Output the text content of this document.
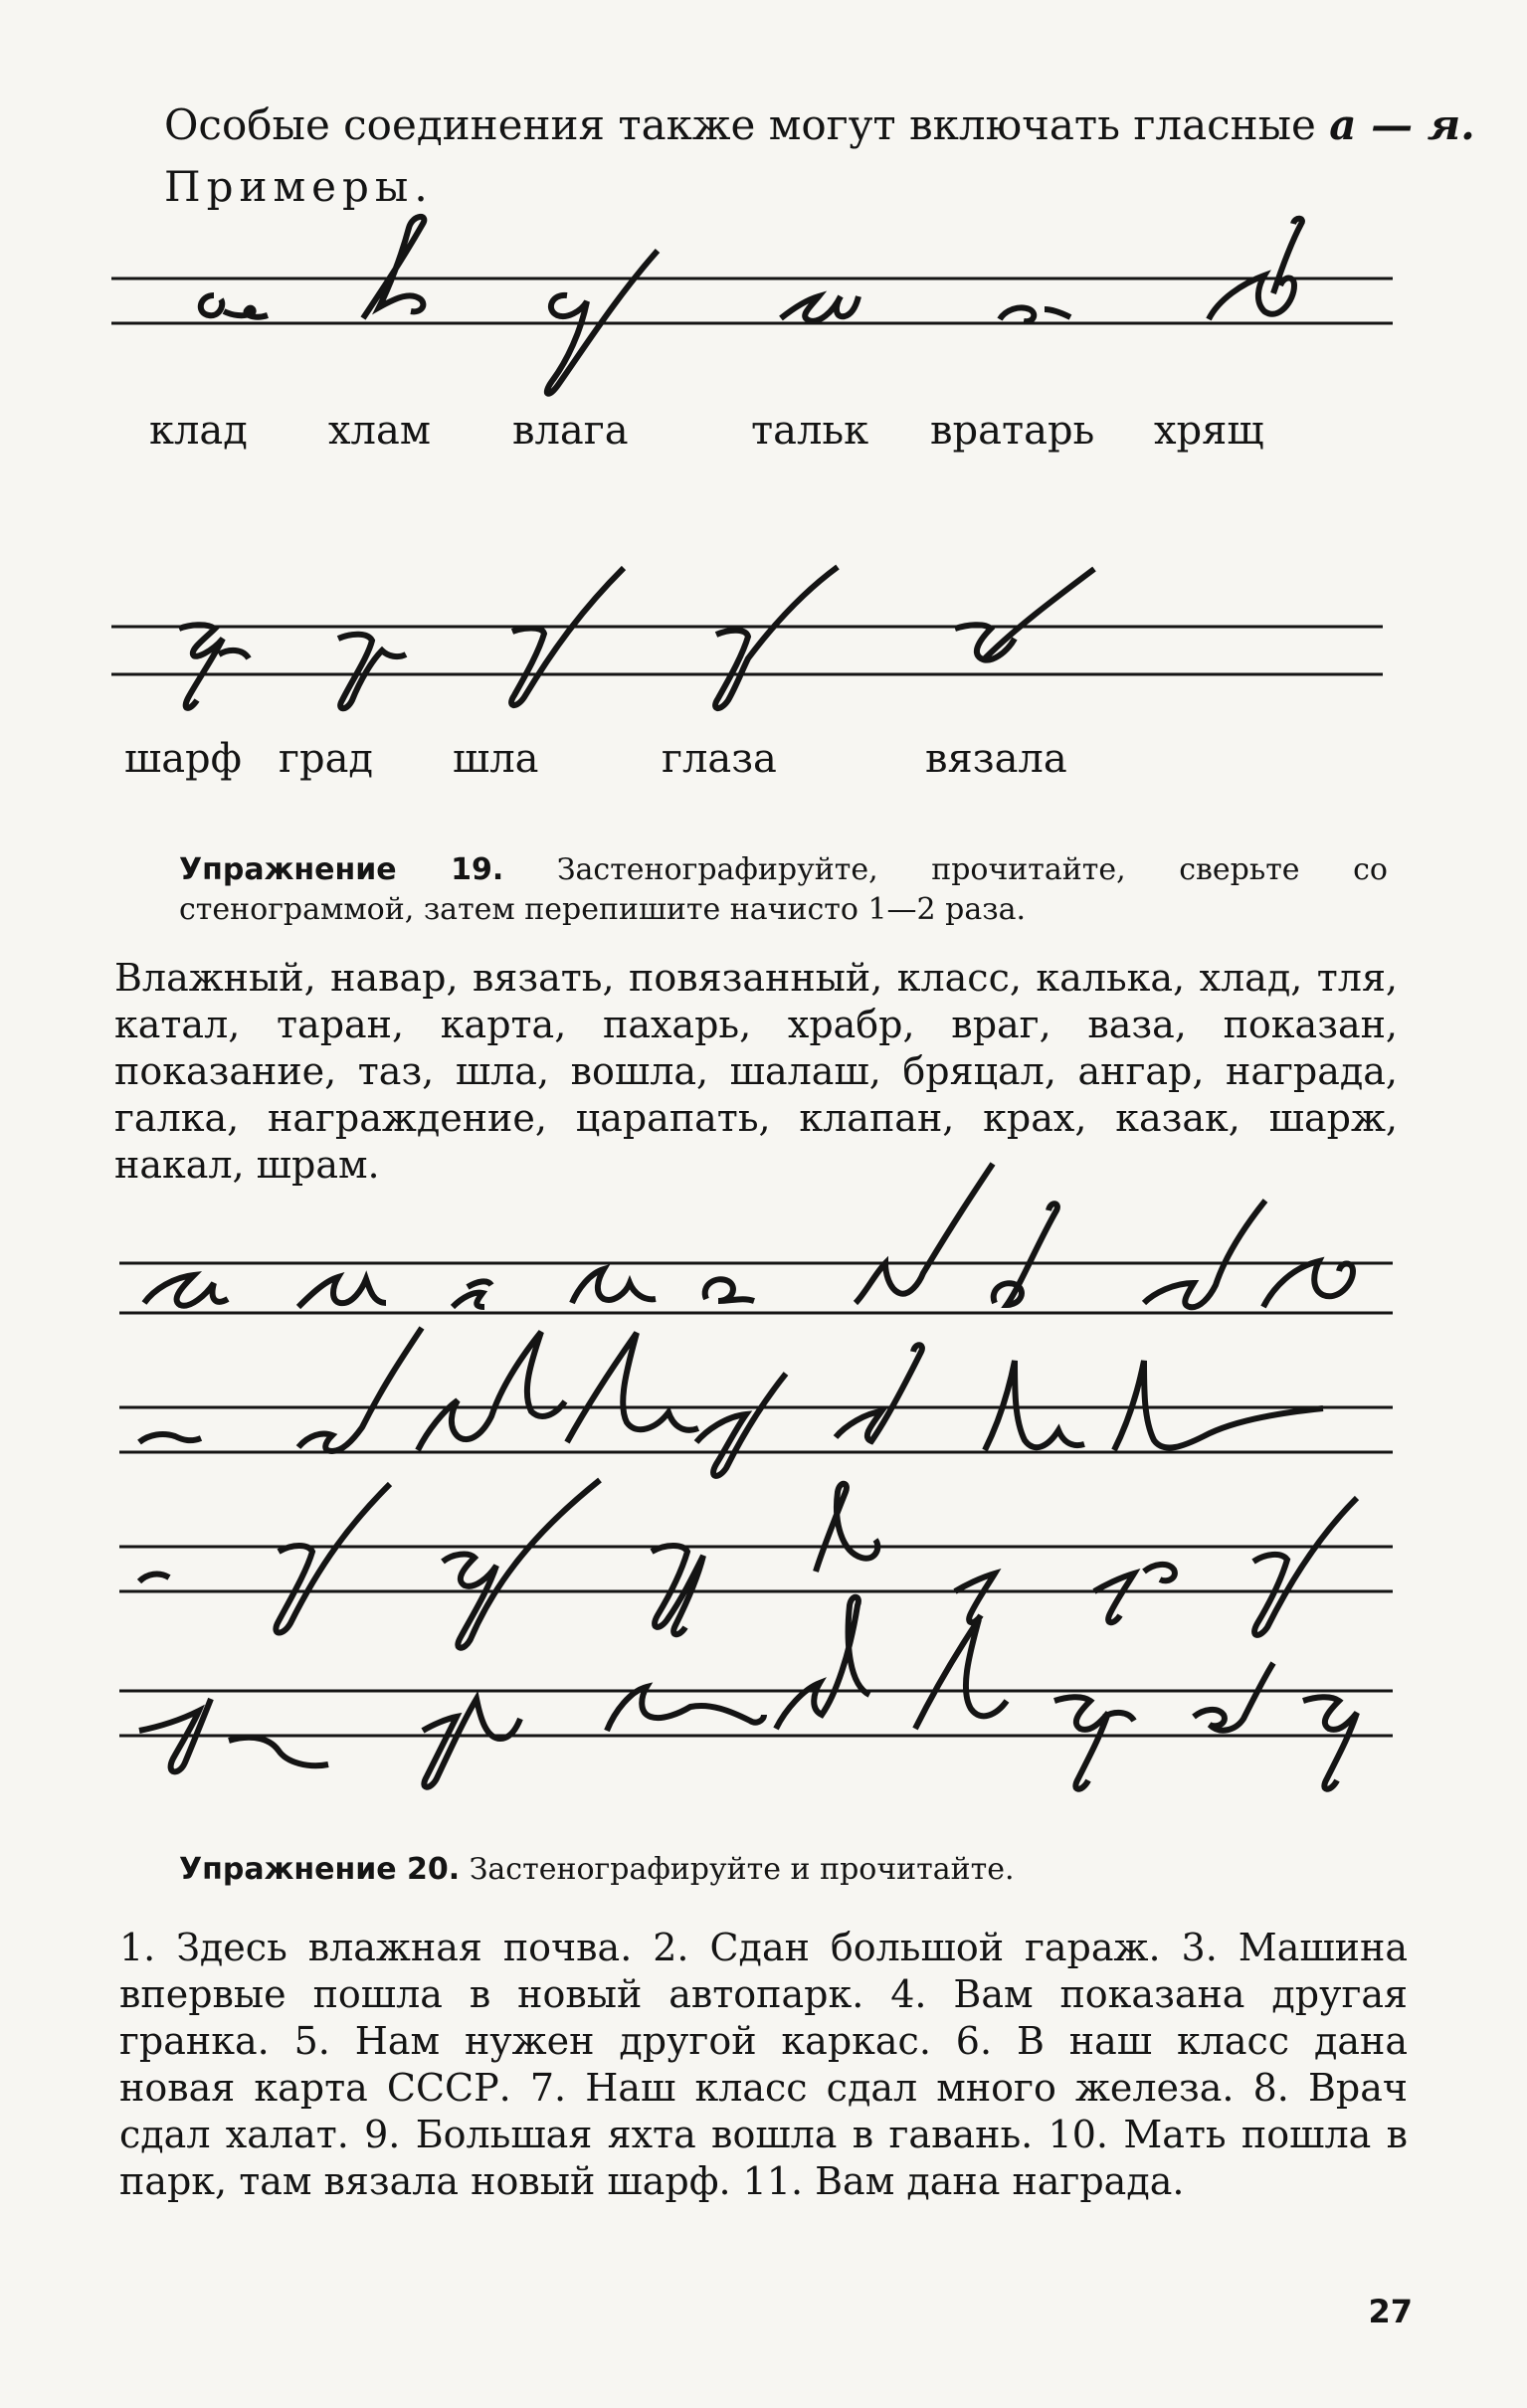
Особые соединения также могут включать гласные а — я.
Примеры.
клад хлам влага	тальк вратарь хрящ
шарф град шла	глаза	вязала
Упражнение 19. Застенографируйте, прочитайте, сверьте со стенограммой, затем перепишите начисто 1—2 раза.
Влажный, навар, вязать, повязанный, класс, калька, хлад, тля, катал, таран, карта, пахарь, храбр, враг, ваза, показан, показание, таз, шла, вошла, шалаш, бряцал, ангар, награда, галка, награждение, царапать, клапан, крах, казак, шарж, накал, шрам.
Упражнение 20. Застенографируйте и прочитайте.
1. Здесь влажная почва. 2. Сдан большой гараж. 3. Машина впервые пошла в новый автопарк. 4. Вам показана другая гранка. 5. Нам нужен другой каркас. 6. В наш класс дана новая карта СССР. 7. Наш класс сдал много железа. 8. Врач сдал халат. 9. Большая яхта вошла в гавань. 10. Мать пошла в парк, там вязала новый шарф. 11. Вам дана награда.
27
